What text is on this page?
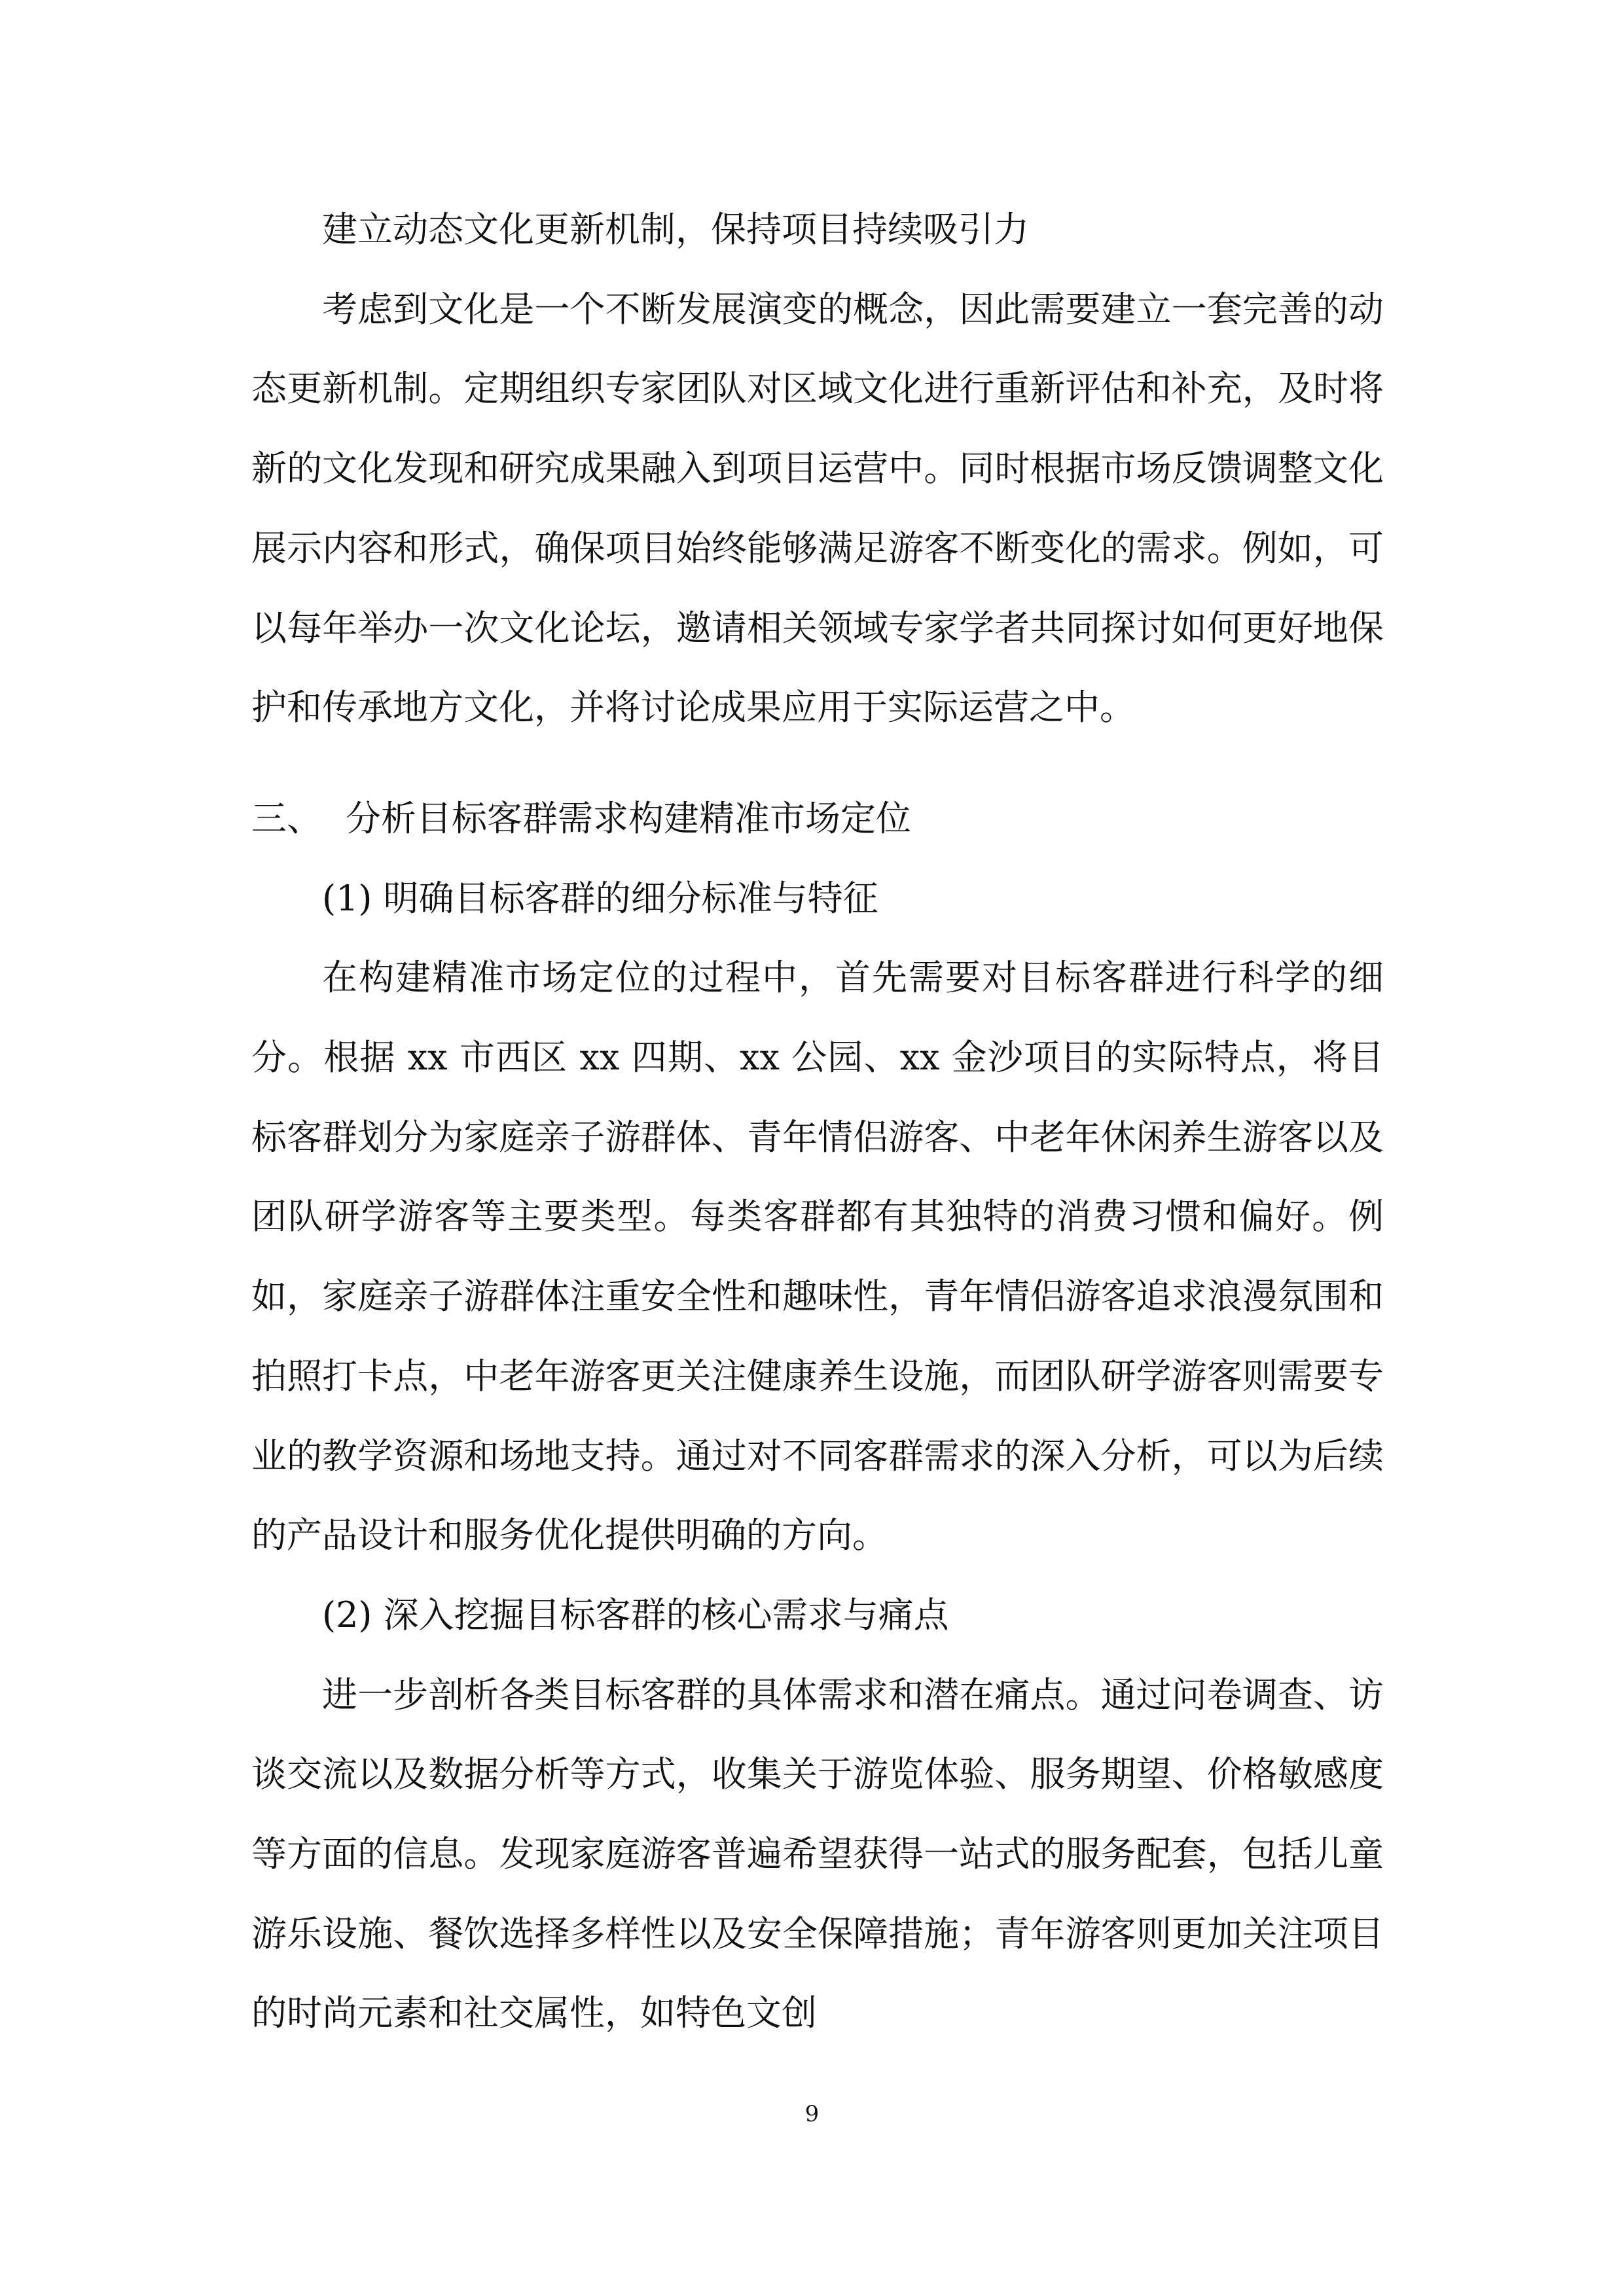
建立动态文化更新机制，保持项目持续吸引力

考虑到文化是一个不断发展演变的概念，因此需要建立一套完善的动态更新机制。定期组织专家团队对区域文化进行重新评估和补充，及时将新的文化发现和研究成果融入到项目运营中。同时根据市场反馈调整文化展示内容和形式，确保项目始终能够满足游客不断变化的需求。例如，可以每年举办一次文化论坛，邀请相关领域专家学者共同探讨如何更好地保护和传承地方文化，并将讨论成果应用于实际运营之中。

三、 分析目标客群需求构建精准市场定位

(1) 明确目标客群的细分标准与特征

在构建精准市场定位的过程中，首先需要对目标客群进行科学的细分。根据 xx 市西区 xx 四期、xx 公园、xx 金沙项目的实际特点，将目标客群划分为家庭亲子游群体、青年情侣游客、中老年休闲养生游客以及团队研学游客等主要类型。每类客群都有其独特的消费习惯和偏好。例如，家庭亲子游群体注重安全性和趣味性，青年情侣游客追求浪漫氛围和拍照打卡点，中老年游客更关注健康养生设施，而团队研学游客则需要专业的教学资源和场地支持。通过对不同客群需求的深入分析，可以为后续的产品设计和服务优化提供明确的方向。

(2) 深入挖掘目标客群的核心需求与痛点

进一步剖析各类目标客群的具体需求和潜在痛点。通过问卷调查、访谈交流以及数据分析等方式，收集关于游览体验、服务期望、价格敏感度等方面的信息。发现家庭游客普遍希望获得一站式的服务配套，包括儿童游乐设施、餐饮选择多样性以及安全保障措施；青年游客则更加关注项目的时尚元素和社交属性，如特色文创

9
